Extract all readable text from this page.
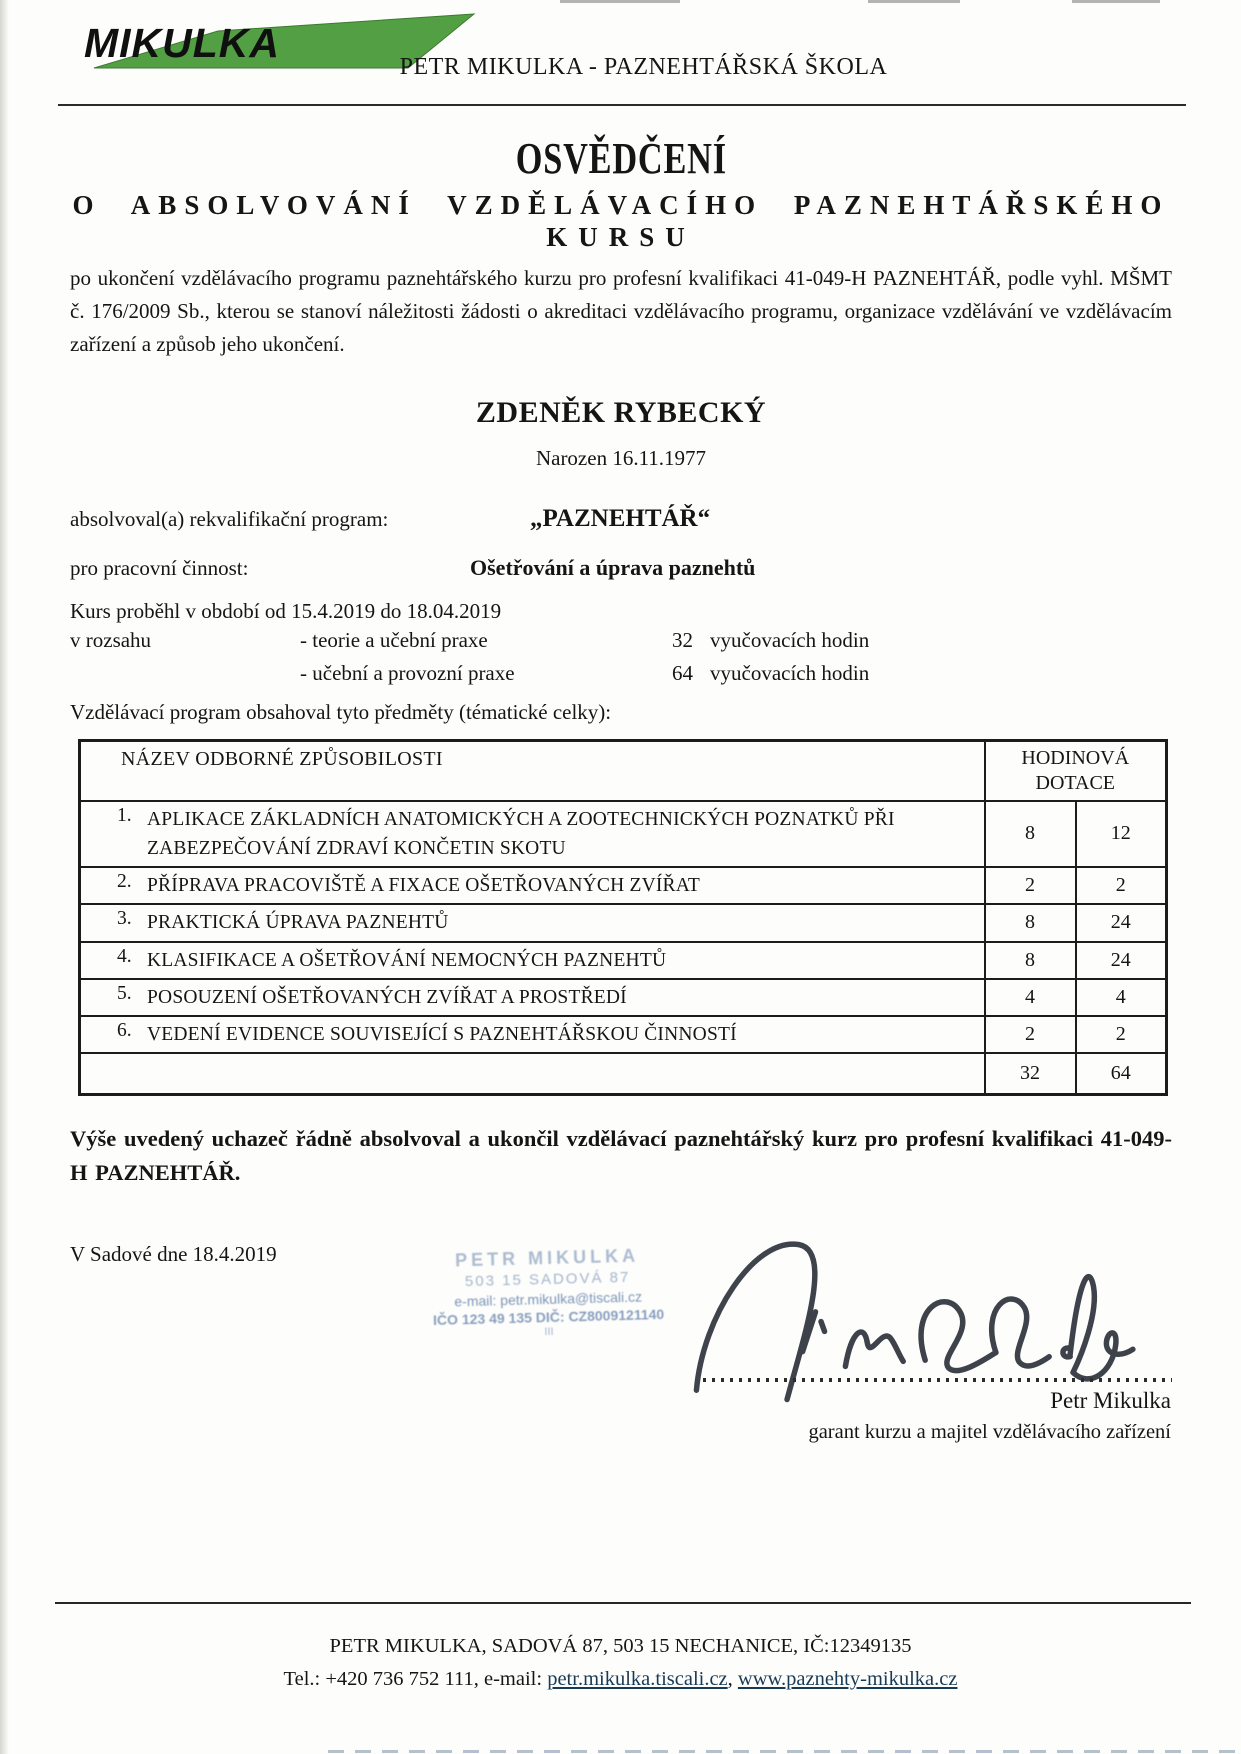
MIKULKA
PETR MIKULKA - PAZNEHTÁŘSKÁ ŠKOLA
OSVĚDČENÍ
O ABSOLVOVÁNÍ VZDĚLÁVACÍHO PAZNEHTÁŘSKÉHO
KURSU

po ukončení vzdělávacího programu paznehtářského kurzu pro profesní kvalifikaci 41-049-H PAZNEHTÁŘ, podle vyhl. MŠMT č. 176/2009 Sb., kterou se stanoví náležitosti žádosti o akreditaci vzdělávacího programu, organizace vzdělávání ve vzdělávacím zařízení a způsob jeho ukončení.

ZDENĚK RYBECKÝ
Narozen 16.11.1977
absolvoval(a) rekvalifikační program:	„PAZNEHTÁŘ“
pro pracovní činnost:	Ošetřování a úprava paznehtů
Kurs proběhl v období od 15.4.2019 do 18.04.2019
v rozsahu	- teorie a učební praxe	32 vyučovacích hodin
- učební a provozní praxe	64 vyučovacích hodin
Vzdělávací program obsahoval tyto předměty (tématické celky):
NÁZEV ODBORNÉ ZPŮSOBILOSTI	HODINOVÁ
DOTACE	

1. APLIKACE ZÁKLADNÍCH ANATOMICKÝCH A ZOOTECHNICKÝCH POZNATKŮ PŘI ZABEZPEČOVÁNÍ ZDRAVÍ KONČETIN SKOTU	8	12

2. PŘÍPRAVA PRACOVIŠTĚ A FIXACE OŠETŘOVANÝCH ZVÍŘAT	2	2

3. PRAKTICKÁ ÚPRAVA PAZNEHTŮ	8	24

4. KLASIFIKACE A OŠETŘOVÁNÍ NEMOCNÝCH PAZNEHTŮ	8	24

5. POSOUZENÍ OŠETŘOVANÝCH ZVÍŘAT A PROSTŘEDÍ	4	4

6. VEDENÍ EVIDENCE SOUVISEJÍCÍ S PAZNEHTÁŘSKOU ČINNOSTÍ	2	2
	32	64

Výše uvedený uchazeč řádně absolvoval a ukončil vzdělávací paznehtářský kurz pro profesní kvalifikaci 41-049-H PAZNEHTÁŘ.

V Sadové dne 18.4.2019	PETR MIKULKA
503 15 SADOVÁ 87
e-mail: petr.mikulka@tiscali.cz
IČO 123 49 135 DIČ: CZ8009121140
III
Petr Mikulka
garant kurzu a majitel vzdělávacího zařízení
PETR MIKULKA, SADOVÁ 87, 503 15 NECHANICE, IČ:12349135
Tel.: +420 736 752 111, e-mail: petr.mikulka.tiscali.cz, www.paznehty-mikulka.cz
